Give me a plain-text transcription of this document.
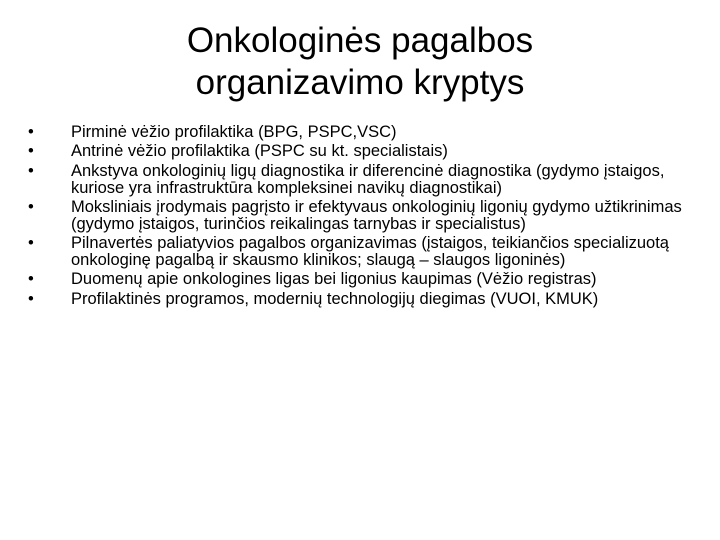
Onkologinės pagalbos
organizavimo kryptys
• Pirminė vėžio profilaktika (BPG, PSPC,VSC)
• Antrinė vėžio profilaktika (PSPC su kt. specialistais)
• Ankstyva onkologinių ligų diagnostika ir diferencinė diagnostika (gydymo įstaigos, kuriose yra infrastruktūra kompleksinei navikų diagnostikai)
• Moksliniais įrodymais pagrįsto ir efektyvaus onkologinių ligonių gydymo užtikrinimas (gydymo įstaigos, turinčios reikalingas tarnybas ir specialistus)
• Pilnavertės paliatyvios pagalbos organizavimas (įstaigos, teikiančios specializuotą onkologinę pagalbą ir skausmo klinikos; slaugą – slaugos ligoninės)
• Duomenų apie onkologines ligas bei ligonius kaupimas (Vėžio registras)
• Profilaktinės programos, modernių technologijų diegimas (VUOI, KMUK)
